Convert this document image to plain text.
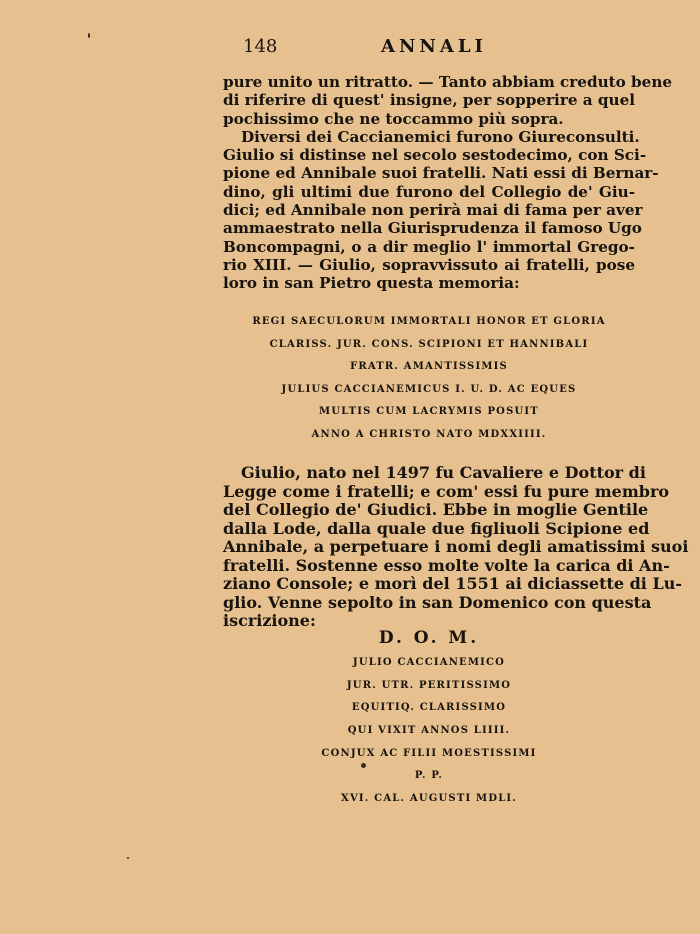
148	ANNALI
pure unito un ritratto. — Tanto abbiam creduto bene
di riferire di quest' insigne, per sopperire a quel
pochissimo che ne toccammo più sopra.
Diversi dei Caccianemici furono Giureconsulti.
Giulio si distinse nel secolo sestodecimo, con Sci-
pione ed Annibale suoi fratelli. Nati essi di Bernar-
dino, gli ultimi due furono del Collegio de' Giu-
dici; ed Annibale non perirà mai di fama per aver
ammaestrato nella Giurisprudenza il famoso Ugo
Boncompagni, o a dir meglio l' immortal Grego-
rio XIII. — Giulio, sopravvissuto ai fratelli, pose
loro in san Pietro questa memoria:
REGI SAECULORUM IMMORTALI HONOR ET GLORIA
CLARISS. JUR. CONS. SCIPIONI ET HANNIBALI
FRATR. AMANTISSIMIS
JULIUS CACCIANEMICUS I. U. D. AC EQUES
MULTIS CUM LACRYMIS POSUIT
ANNO A CHRISTO NATO MDXXIIII.
Giulio, nato nel 1497 fu Cavaliere e Dottor di
Legge come i fratelli; e com' essi fu pure membro
del Collegio de' Giudici. Ebbe in moglie Gentile
dalla Lode, dalla quale due figliuoli Scipione ed
Annibale, a perpetuare i nomi degli amatissimi suoi
fratelli. Sostenne esso molte volte la carica di An-
ziano Console; e morì del 1551 ai diciassette di Lu-
glio. Venne sepolto in san Domenico con questa
iscrizione:
D. O. M.
JULIO CACCIANEMICO
JUR. UTR. PERITISSIMO
EQUITIQ. CLARISSIMO
QUI VIXIT ANNOS LIIII.
CONJUX AC FILII MOESTISSIMI
P. P.
XVI. CAL. AUGUSTI MDLI.
